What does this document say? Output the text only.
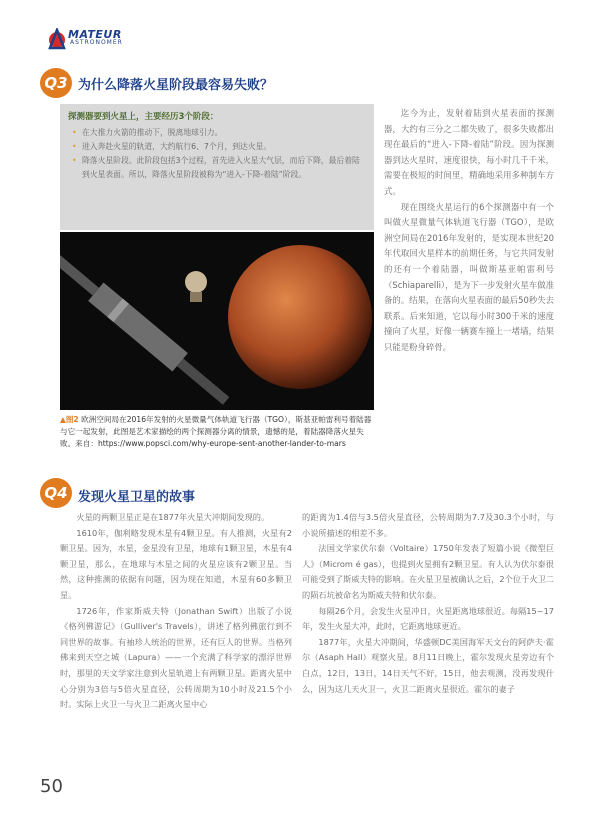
MATEUR
ASTRONOMER
Q3 为什么降落火星阶段最容易失败？
探测器要到火星上，主要经历3个阶段：
• 在大推力火箭的推动下，脱离地球引力。
• 进入奔赴火星的轨道，大约航行6、7个月，到达火星。
• 降落火星阶段。此阶段包括3个过程，首先进入火星大气层，而后下降，最后着陆到火星表面。所以，降落火星阶段被称为“进入-下降-着陆”阶段。
▲图2 欧洲空间局在2016年发射的火星微量气体轨道飞行器（TGO），斯基亚帕雷利号着陆器与它一起发射，此图是艺术家描绘的两个探测器分离的情景，遗憾的是，着陆器降落火星失败。来自：https://www.popsci.com/why-europe-sent-another-lander-to-mars

迄今为止，发射着陆到火星表面的探测器，大约有三分之二都失败了，很多失败都出现在最后的“进入-下降-着陆”阶段。因为探测器到达火星时，速度很快，每小时几千千米，需要在极短的时间里，精确地采用多种制车方式。

现在围绕火星运行的6个探测器中有一个叫做火星微量气体轨道飞行器（TGO），是欧洲空间局在2016年发射的，是实现本世纪20年代取回火星样本的前期任务，与它共同发射的还有一个着陆器，叫做斯基亚帕雷利号（Schiaparelli），是为下一步发射火星车做准备的。结果，在落向火星表面的最后50秒失去联系。后来知道，它以每小时300千米的速度撞向了火星，好像一辆赛车撞上一堵墙，结果只能是粉身碎骨。

Q4 发现火星卫星的故事

火星的两颗卫星正是在1877年火星大冲期间发现的。

1610年，伽利略发现木星有4颗卫星。有人推测，火星有2颗卫星。因为，水星，金星没有卫星，地球有1颗卫星，木星有4颗卫星，那么，在地球与木星之间的火星应该有2颗卫星。当然，这种推测的依据有问题，因为现在知道，木星有60多颗卫星。

1726年，作家斯威夫特（Jonathan Swift）出版了小说《格列佛游记》（Gulliver's Travels），讲述了格列佛旅行到不同世界的故事。有袖珍人统治的世界，还有巨人的世界。当格列佛来到天空之城（Lapura）——一个充满了科学家的漂浮世界时，那里的天文学家注意到火星轨道上有两颗卫星。距离火星中心分别为3倍与5倍火星直径，公转周期为10小时及21.5个小时。实际上火卫一与火卫二距离火星中心

的距离为1.4倍与3.5倍火星直径，公转周期为7.7及30.3个小时，与小说所描述的相差不多。

法国文学家伏尔泰（Voltaire）1750年发表了短篇小说《微型巨人》（Microm é gas），也提到火星拥有2颗卫星。有人认为伏尔泰很可能受到了斯威夫特的影响。在火星卫星被确认之后，2个位于火卫二的陨石坑被命名为斯威夫特和伏尔泰。

每隔26个月，会发生火星冲日，火星距离地球很近。每隔15~17年，发生火星大冲，此时，它距离地球更近。

1877年，火星大冲期间，华盛顿DC美国海军天文台的阿萨夫·霍尔（Asaph Hall）观察火星。8月11日晚上，霍尔发现火星旁边有个白点，12日，13日，14日天气不好，15日，他去观测，没再发现什么，因为这几天火卫一，火卫二距离火星很近。霍尔的妻子

50
